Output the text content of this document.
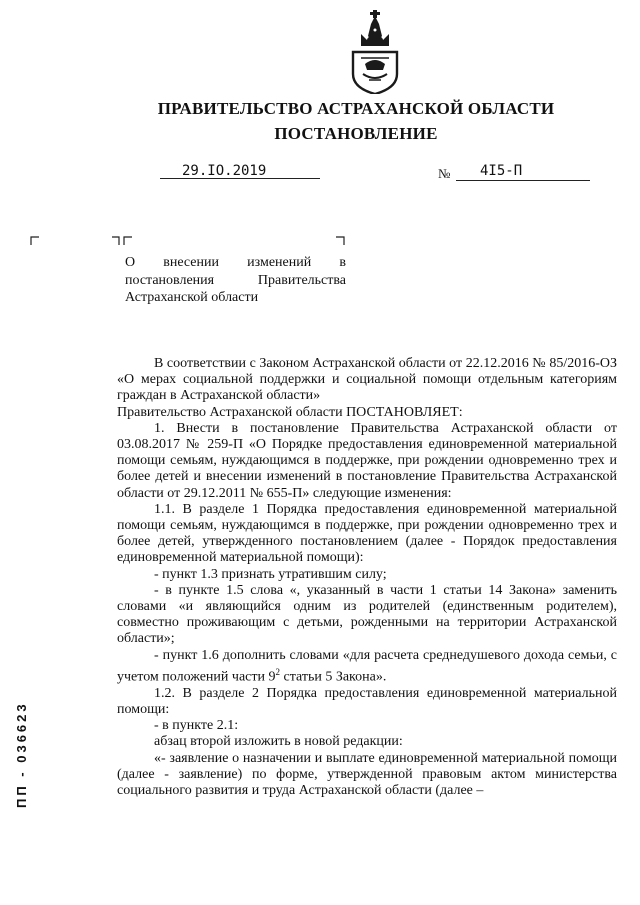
ПРАВИТЕЛЬСТВО АСТРАХАНСКОЙ ОБЛАСТИ
ПОСТАНОВЛЕНИЕ
29.IO.2019	№ 4I5-П
О внесении изменений в постановления Правительства Астраханской области

В соответствии с Законом Астраханской области от 22.12.2016 № 85/2016-ОЗ «О мерах социальной поддержки и социальной помощи отдельным категориям граждан в Астраханской области»

Правительство Астраханской области ПОСТАНОВЛЯЕТ:

1. Внести в постановление Правительства Астраханской области от 03.08.2017 № 259-П «О Порядке предоставления единовременной материальной помощи семьям, нуждающимся в поддержке, при рождении одновременно трех и более детей и внесении изменений в постановление Правительства Астраханской области от 29.12.2011 № 655-П» следующие изменения:

1.1. В разделе 1 Порядка предоставления единовременной материальной помощи семьям, нуждающимся в поддержке, при рождении одновременно трех и более детей, утвержденного постановлением (далее - Порядок предоставления единовременной материальной помощи):

- пункт 1.3 признать утратившим силу;

- в пункте 1.5 слова «, указанный в части 1 статьи 14 Закона» заменить словами «и являющийся одним из родителей (единственным родителем), совместно проживающим с детьми, рожденными на территории Астраханской области»;

- пункт 1.6 дополнить словами «для расчета среднедушевого дохода семьи, с учетом положений части $9^2$ статьи 5 Закона».

1.2. В разделе 2 Порядка предоставления единовременной материальной помощи:

- в пункте 2.1:

абзац второй изложить в новой редакции:

«- заявление о назначении и выплате единовременной материальной помощи (далее - заявление) по форме, утвержденной правовым актом министерства социального развития и труда Астраханской области (далее –

ПП - 036623
